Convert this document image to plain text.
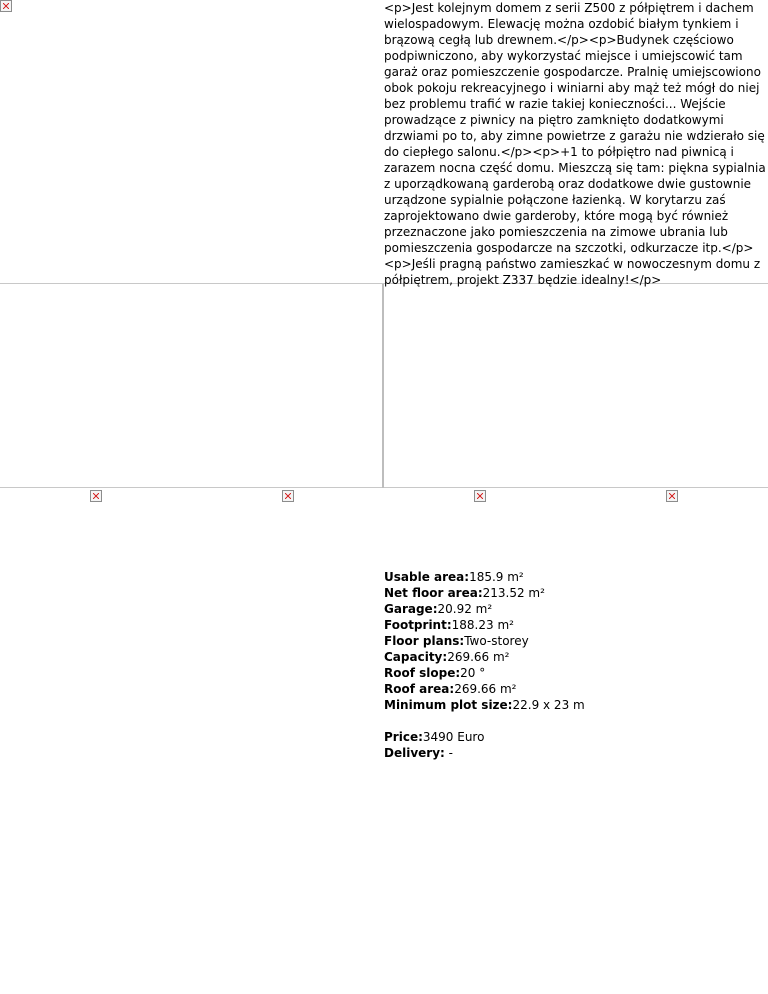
<p>Jest kolejnym domem z serii Z500 z półpiętrem i dachem wielospadowym. Elewację można ozdobić białym tynkiem i brązową cegłą lub drewnem.</p><p>Budynek częściowo podpiwniczono, aby wykorzystać miejsce i umiejscowić tam garaż oraz pomieszczenie gospodarcze. Pralnię umiejscowiono obok pokoju rekreacyjnego i winiarni aby mąż też mógł do niej bez problemu trafić w razie takiej konieczności... Wejście prowadzące z piwnicy na piętro zamknięto dodatkowymi drzwiami po to, aby zimne powietrze z garażu nie wdzierało się do ciepłego salonu.</p><p>+1 to półpiętro nad piwnicą i zarazem nocna część domu. Mieszczą się tam: piękna sypialnia z uporządkowaną garderobą oraz dodatkowe dwie gustownie urządzone sypialnie połączone łazienką. W korytarzu zaś zaprojektowano dwie garderoby, które mogą być również przeznaczone jako pomieszczenia na zimowe ubrania lub pomieszczenia gospodarcze na szczotki, odkurzacze itp.</p><p>Jeśli pragną państwo zamieszkać w nowoczesnym domu z półpiętrem, projekt Z337 będzie idealny!</p>
Usable area:185.9 m²
Net floor area:213.52 m²
Garage:20.92 m²
Footprint:188.23 m²
Floor plans:Two-storey
Capacity:269.66 m²
Roof slope:20 °
Roof area:269.66 m²
Minimum plot size:22.9 x 23 m
Price:3490 Euro
Delivery: -
